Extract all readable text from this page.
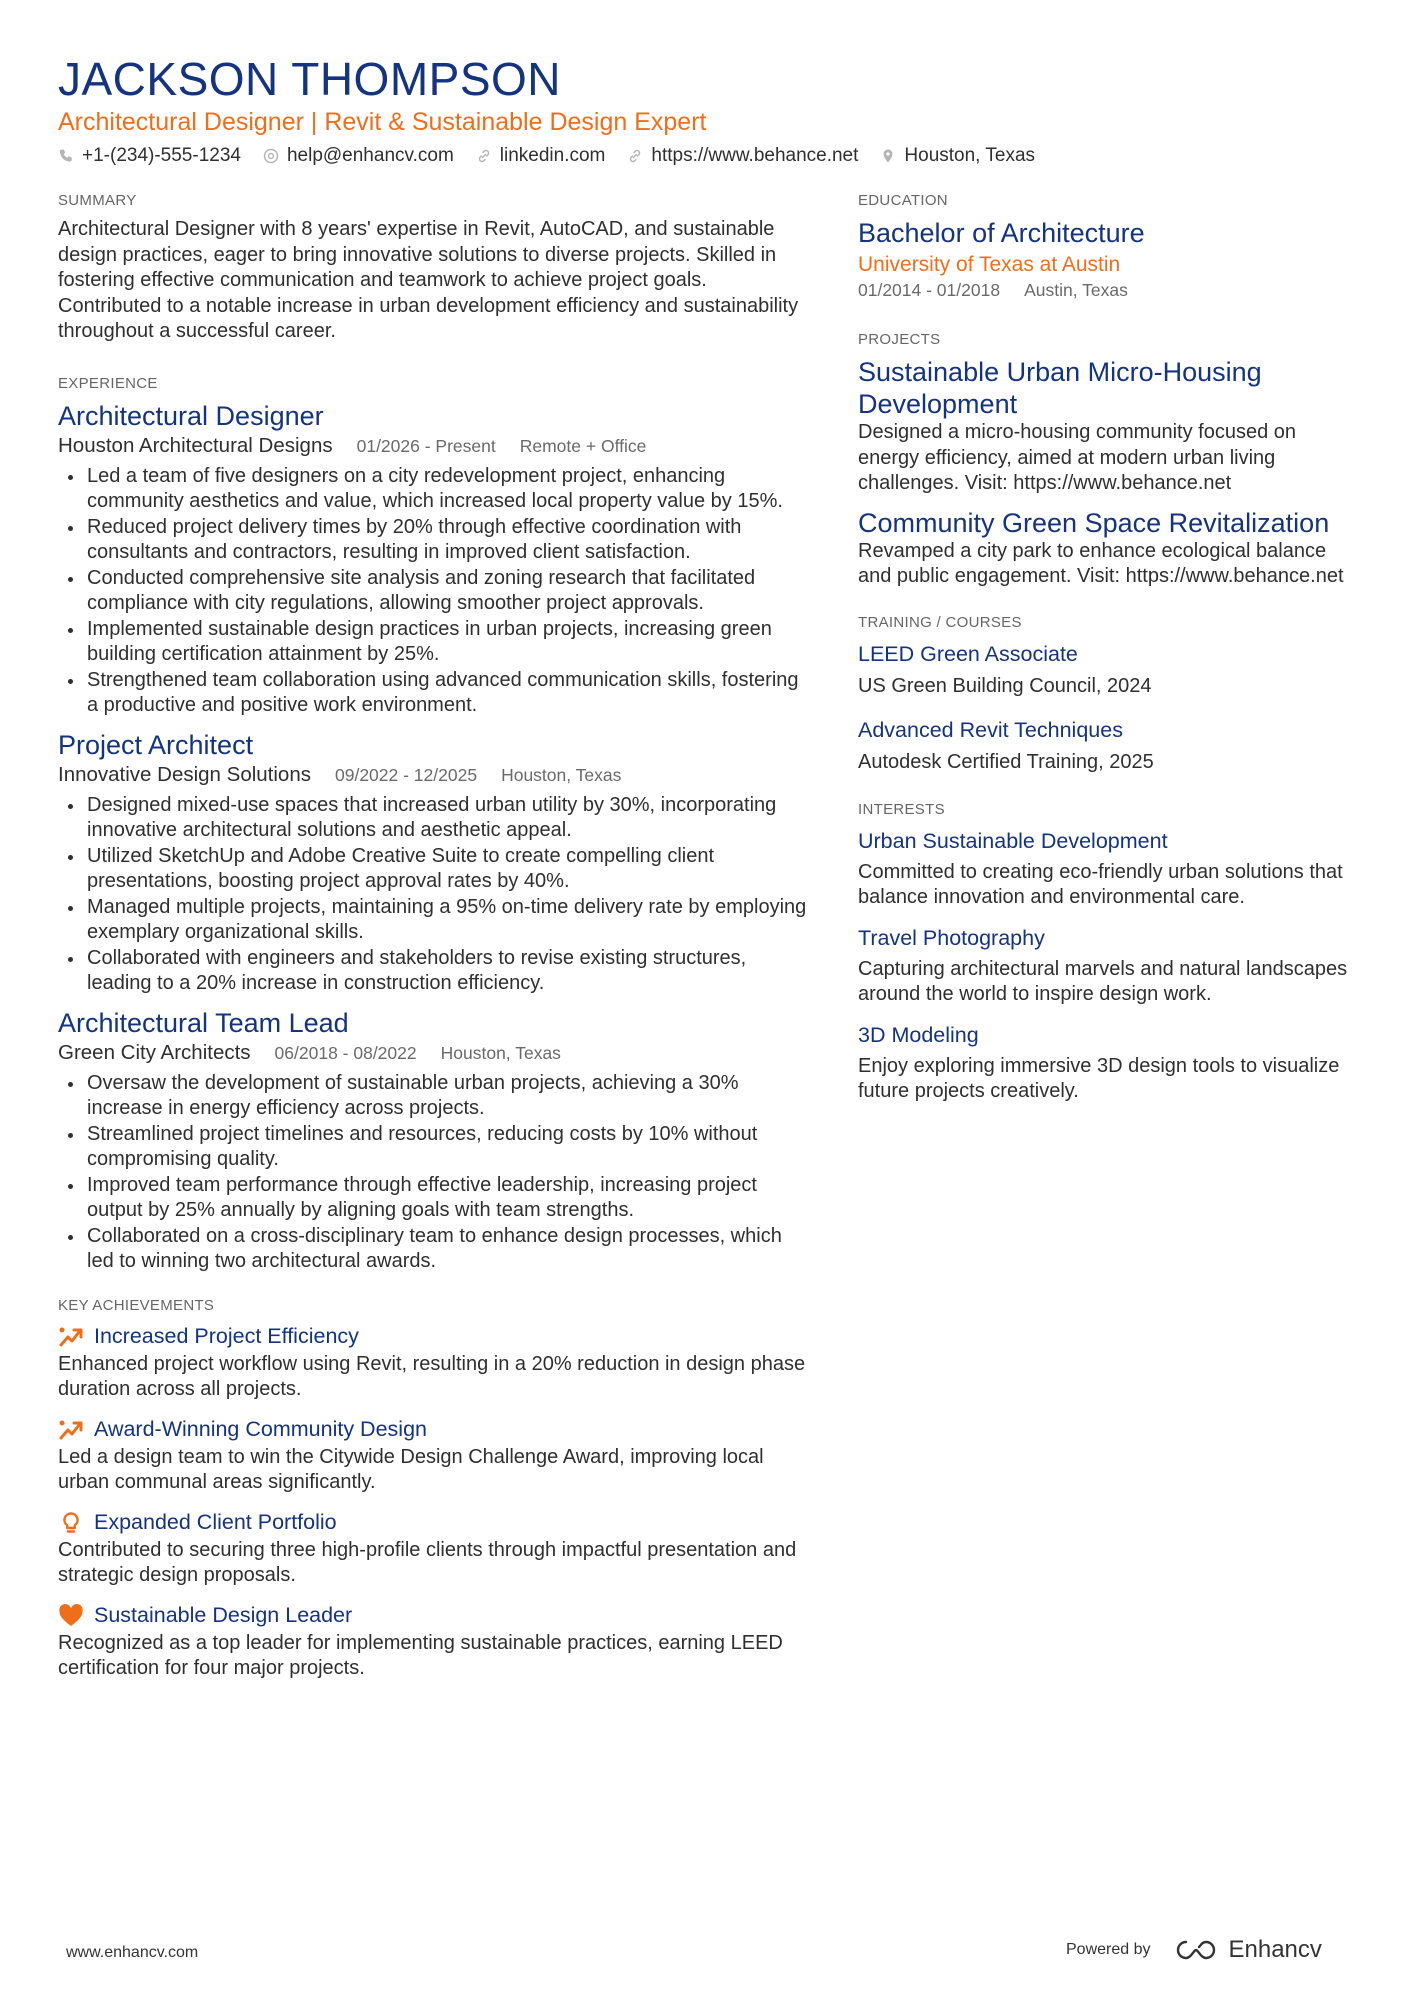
JACKSON THOMPSON
Architectural Designer | Revit & Sustainable Design Expert
+1-(234)-555-1234 help@enhancv.com linkedin.com https://www.behance.net Houston, Texas
SUMMARY
Architectural Designer with 8 years' expertise in Revit, AutoCAD, and sustainable design practices, eager to bring innovative solutions to diverse projects. Skilled in fostering effective communication and teamwork to achieve project goals. Contributed to a notable increase in urban development efficiency and sustainability throughout a successful career.
EXPERIENCE
Architectural Designer
Houston Architectural Designs 01/2026 - Present Remote + Office
Led a team of five designers on a city redevelopment project, enhancing community aesthetics and value, which increased local property value by 15%.
Reduced project delivery times by 20% through effective coordination with consultants and contractors, resulting in improved client satisfaction.
Conducted comprehensive site analysis and zoning research that facilitated compliance with city regulations, allowing smoother project approvals.
Implemented sustainable design practices in urban projects, increasing green building certification attainment by 25%.
Strengthened team collaboration using advanced communication skills, fostering a productive and positive work environment.
Project Architect
Innovative Design Solutions 09/2022 - 12/2025 Houston, Texas
Designed mixed-use spaces that increased urban utility by 30%, incorporating innovative architectural solutions and aesthetic appeal.
Utilized SketchUp and Adobe Creative Suite to create compelling client presentations, boosting project approval rates by 40%.
Managed multiple projects, maintaining a 95% on-time delivery rate by employing exemplary organizational skills.
Collaborated with engineers and stakeholders to revise existing structures, leading to a 20% increase in construction efficiency.
Architectural Team Lead
Green City Architects 06/2018 - 08/2022 Houston, Texas
Oversaw the development of sustainable urban projects, achieving a 30% increase in energy efficiency across projects.
Streamlined project timelines and resources, reducing costs by 10% without compromising quality.
Improved team performance through effective leadership, increasing project output by 25% annually by aligning goals with team strengths.
Collaborated on a cross-disciplinary team to enhance design processes, which led to winning two architectural awards.
KEY ACHIEVEMENTS
Increased Project Efficiency
Enhanced project workflow using Revit, resulting in a 20% reduction in design phase duration across all projects.
Award-Winning Community Design
Led a design team to win the Citywide Design Challenge Award, improving local urban communal areas significantly.
Expanded Client Portfolio
Contributed to securing three high-profile clients through impactful presentation and strategic design proposals.
Sustainable Design Leader
Recognized as a top leader for implementing sustainable practices, earning LEED certification for four major projects.
EDUCATION
Bachelor of Architecture
University of Texas at Austin
01/2014 - 01/2018 Austin, Texas
PROJECTS
Sustainable Urban Micro-Housing Development
Designed a micro-housing community focused on energy efficiency, aimed at modern urban living challenges. Visit: https://www.behance.net
Community Green Space Revitalization
Revamped a city park to enhance ecological balance and public engagement. Visit: https://www.behance.net
TRAINING / COURSES
LEED Green Associate
US Green Building Council, 2024
Advanced Revit Techniques
Autodesk Certified Training, 2025
INTERESTS
Urban Sustainable Development
Committed to creating eco-friendly urban solutions that balance innovation and environmental care.
Travel Photography
Capturing architectural marvels and natural landscapes around the world to inspire design work.
3D Modeling
Enjoy exploring immersive 3D design tools to visualize future projects creatively.
www.enhancv.com	Powered by	Enhancv
